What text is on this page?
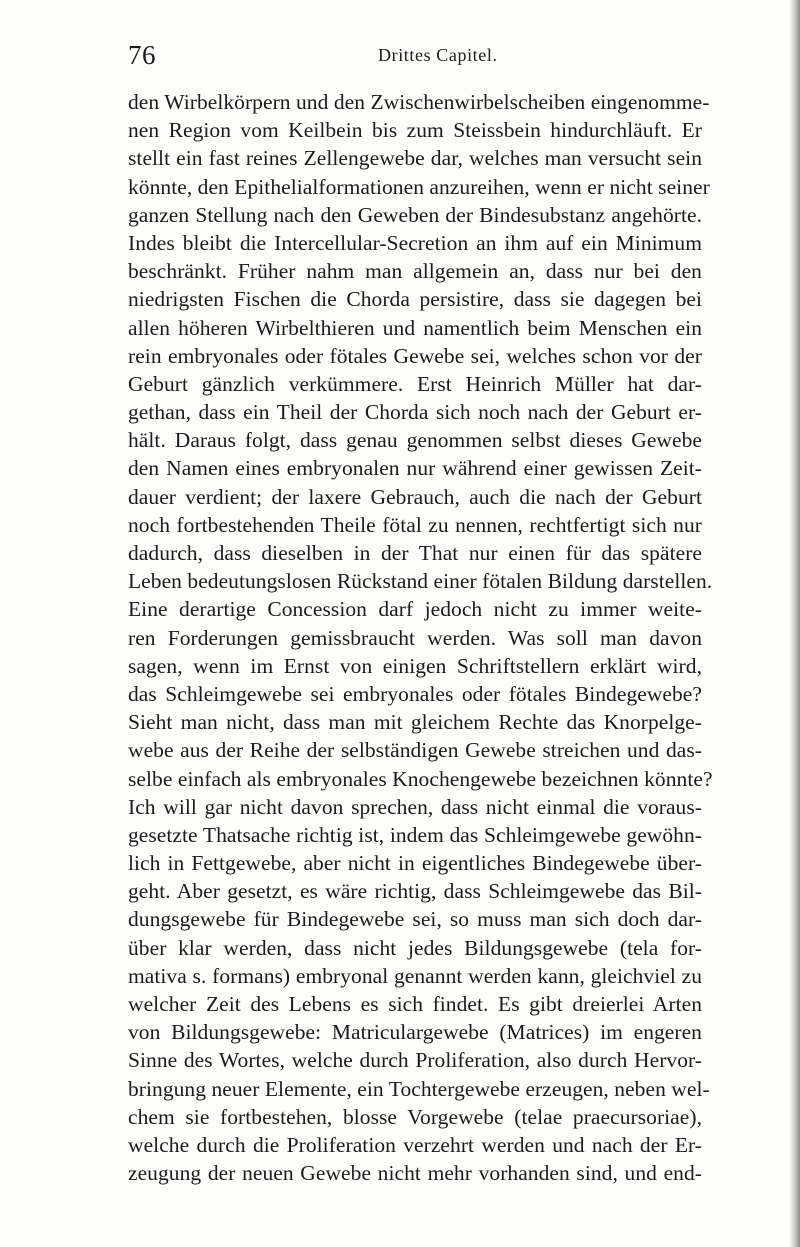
76	Drittes Capitel.
den Wirbelkörpern und den Zwischenwirbelscheiben eingenomme-
nen Region vom Keilbein bis zum Steissbein hindurchläuft. Er
stellt ein fast reines Zellengewebe dar, welches man versucht sein
könnte, den Epithelialformationen anzureihen, wenn er nicht seiner
ganzen Stellung nach den Geweben der Bindesubstanz angehörte.
Indes bleibt die Intercellular-Secretion an ihm auf ein Minimum
beschränkt. Früher nahm man allgemein an, dass nur bei den
niedrigsten Fischen die Chorda persistire, dass sie dagegen bei
allen höheren Wirbelthieren und namentlich beim Menschen ein
rein embryonales oder fötales Gewebe sei, welches schon vor der
Geburt gänzlich verkümmere. Erst Heinrich Müller hat dar-
gethan, dass ein Theil der Chorda sich noch nach der Geburt er-
hält. Daraus folgt, dass genau genommen selbst dieses Gewebe
den Namen eines embryonalen nur während einer gewissen Zeit-
dauer verdient; der laxere Gebrauch, auch die nach der Geburt
noch fortbestehenden Theile fötal zu nennen, rechtfertigt sich nur
dadurch, dass dieselben in der That nur einen für das spätere
Leben bedeutungslosen Rückstand einer fötalen Bildung darstellen.
Eine derartige Concession darf jedoch nicht zu immer weite-
ren Forderungen gemissbraucht werden. Was soll man davon
sagen, wenn im Ernst von einigen Schriftstellern erklärt wird,
das Schleimgewebe sei embryonales oder fötales Bindegewebe?
Sieht man nicht, dass man mit gleichem Rechte das Knorpelge-
webe aus der Reihe der selbständigen Gewebe streichen und das-
selbe einfach als embryonales Knochengewebe bezeichnen könnte?
Ich will gar nicht davon sprechen, dass nicht einmal die voraus-
gesetzte Thatsache richtig ist, indem das Schleimgewebe gewöhn-
lich in Fettgewebe, aber nicht in eigentliches Bindegewebe über-
geht. Aber gesetzt, es wäre richtig, dass Schleimgewebe das Bil-
dungsgewebe für Bindegewebe sei, so muss man sich doch dar-
über klar werden, dass nicht jedes Bildungsgewebe (tela for-
mativa s. formans) embryonal genannt werden kann, gleichviel zu
welcher Zeit des Lebens es sich findet. Es gibt dreierlei Arten
von Bildungsgewebe: Matriculargewebe (Matrices) im engeren
Sinne des Wortes, welche durch Proliferation, also durch Hervor-
bringung neuer Elemente, ein Tochtergewebe erzeugen, neben wel-
chem sie fortbestehen, blosse Vorgewebe (telae praecursoriae),
welche durch die Proliferation verzehrt werden und nach der Er-
zeugung der neuen Gewebe nicht mehr vorhanden sind, und end-
